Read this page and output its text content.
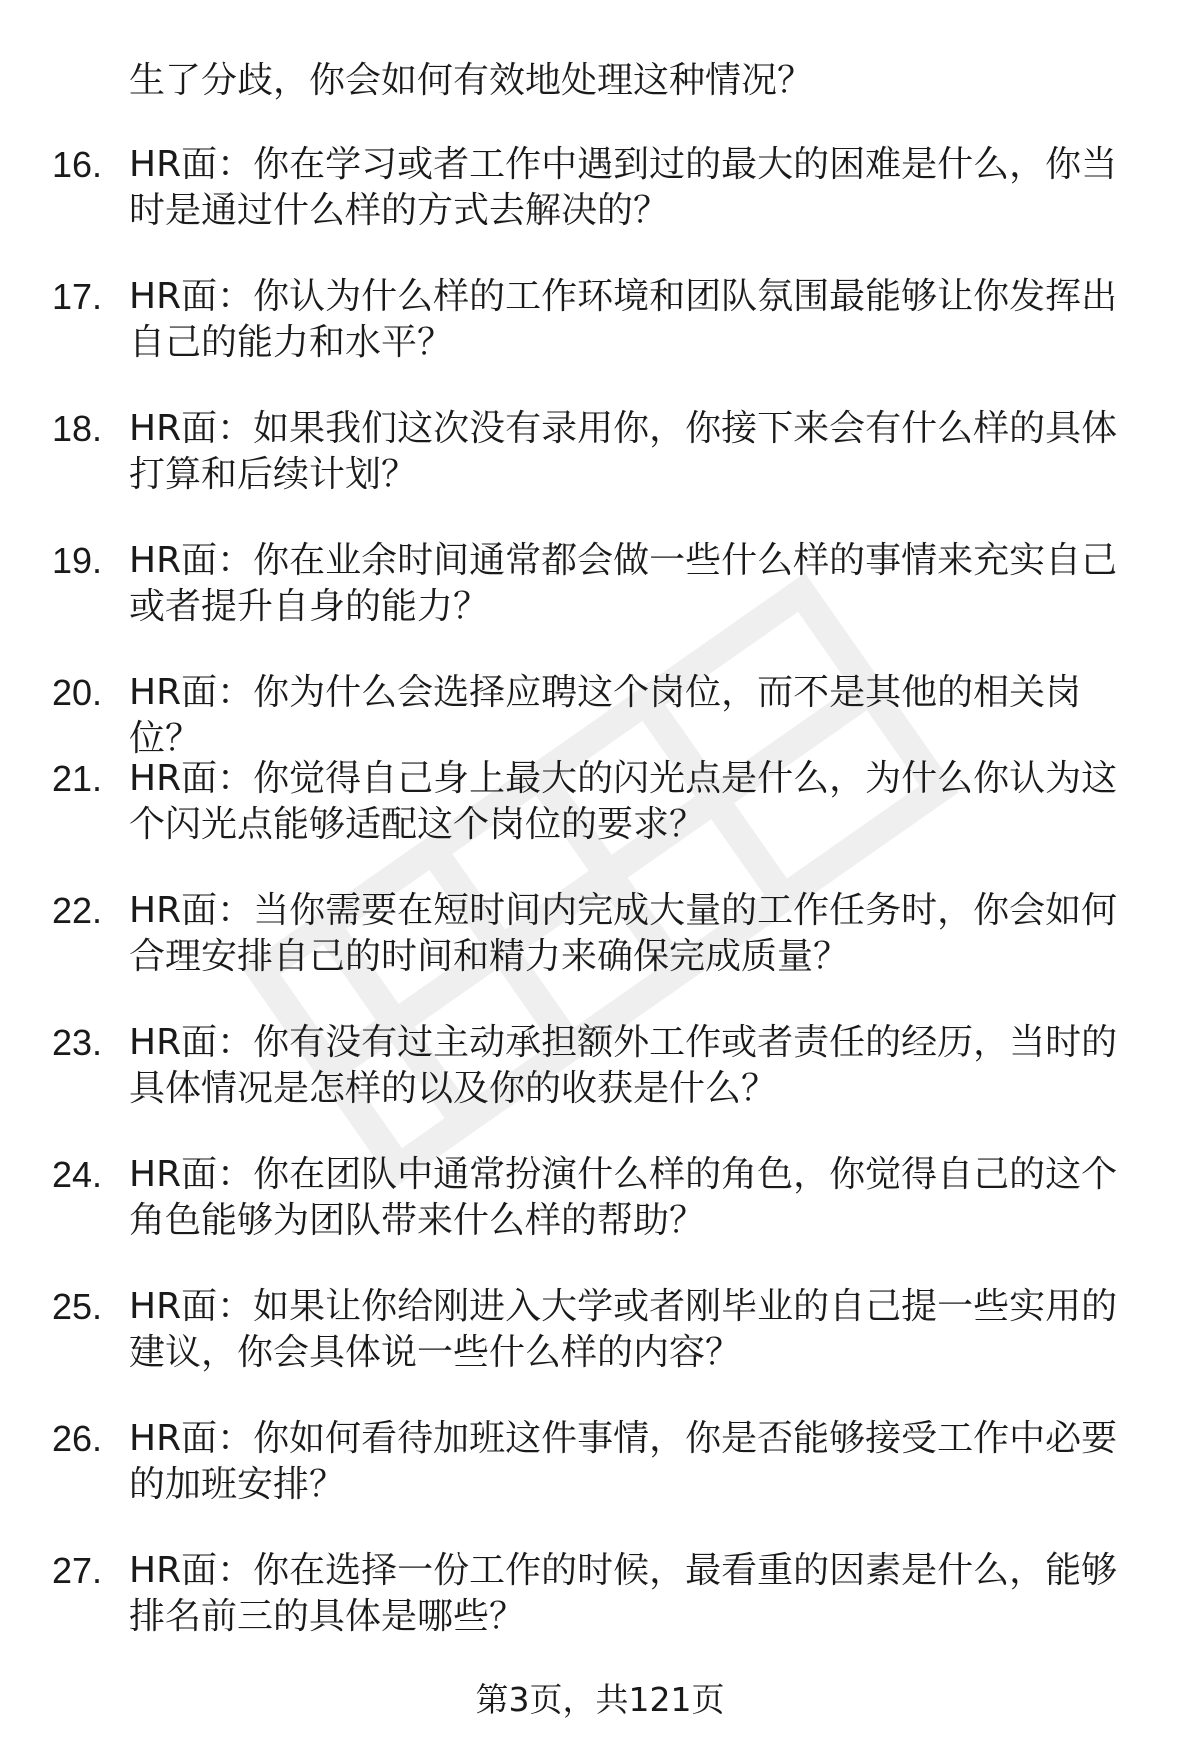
生了分歧，你会如何有效地处理这种情况？

16. HR面：你在学习或者工作中遇到过的最大的困难是什么，你当时是通过什么样的方式去解决的？
17. HR面：你认为什么样的工作环境和团队氛围最能够让你发挥出自己的能力和水平？
18. HR面：如果我们这次没有录用你，你接下来会有什么样的具体打算和后续计划？
19. HR面：你在业余时间通常都会做一些什么样的事情来充实自己或者提升自身的能力？
20. HR面：你为什么会选择应聘这个岗位，而不是其他的相关岗位？
21. HR面：你觉得自己身上最大的闪光点是什么，为什么你认为这个闪光点能够适配这个岗位的要求？
22. HR面：当你需要在短时间内完成大量的工作任务时，你会如何合理安排自己的时间和精力来确保完成质量？
23. HR面：你有没有过主动承担额外工作或者责任的经历，当时的具体情况是怎样的以及你的收获是什么？
24. HR面：你在团队中通常扮演什么样的角色，你觉得自己的这个角色能够为团队带来什么样的帮助？
25. HR面：如果让你给刚进入大学或者刚毕业的自己提一些实用的建议，你会具体说一些什么样的内容？
26. HR面：你如何看待加班这件事情，你是否能够接受工作中必要的加班安排？
27. HR面：你在选择一份工作的时候，最看重的因素是什么，能够排名前三的具体是哪些？
第3页，共121页
